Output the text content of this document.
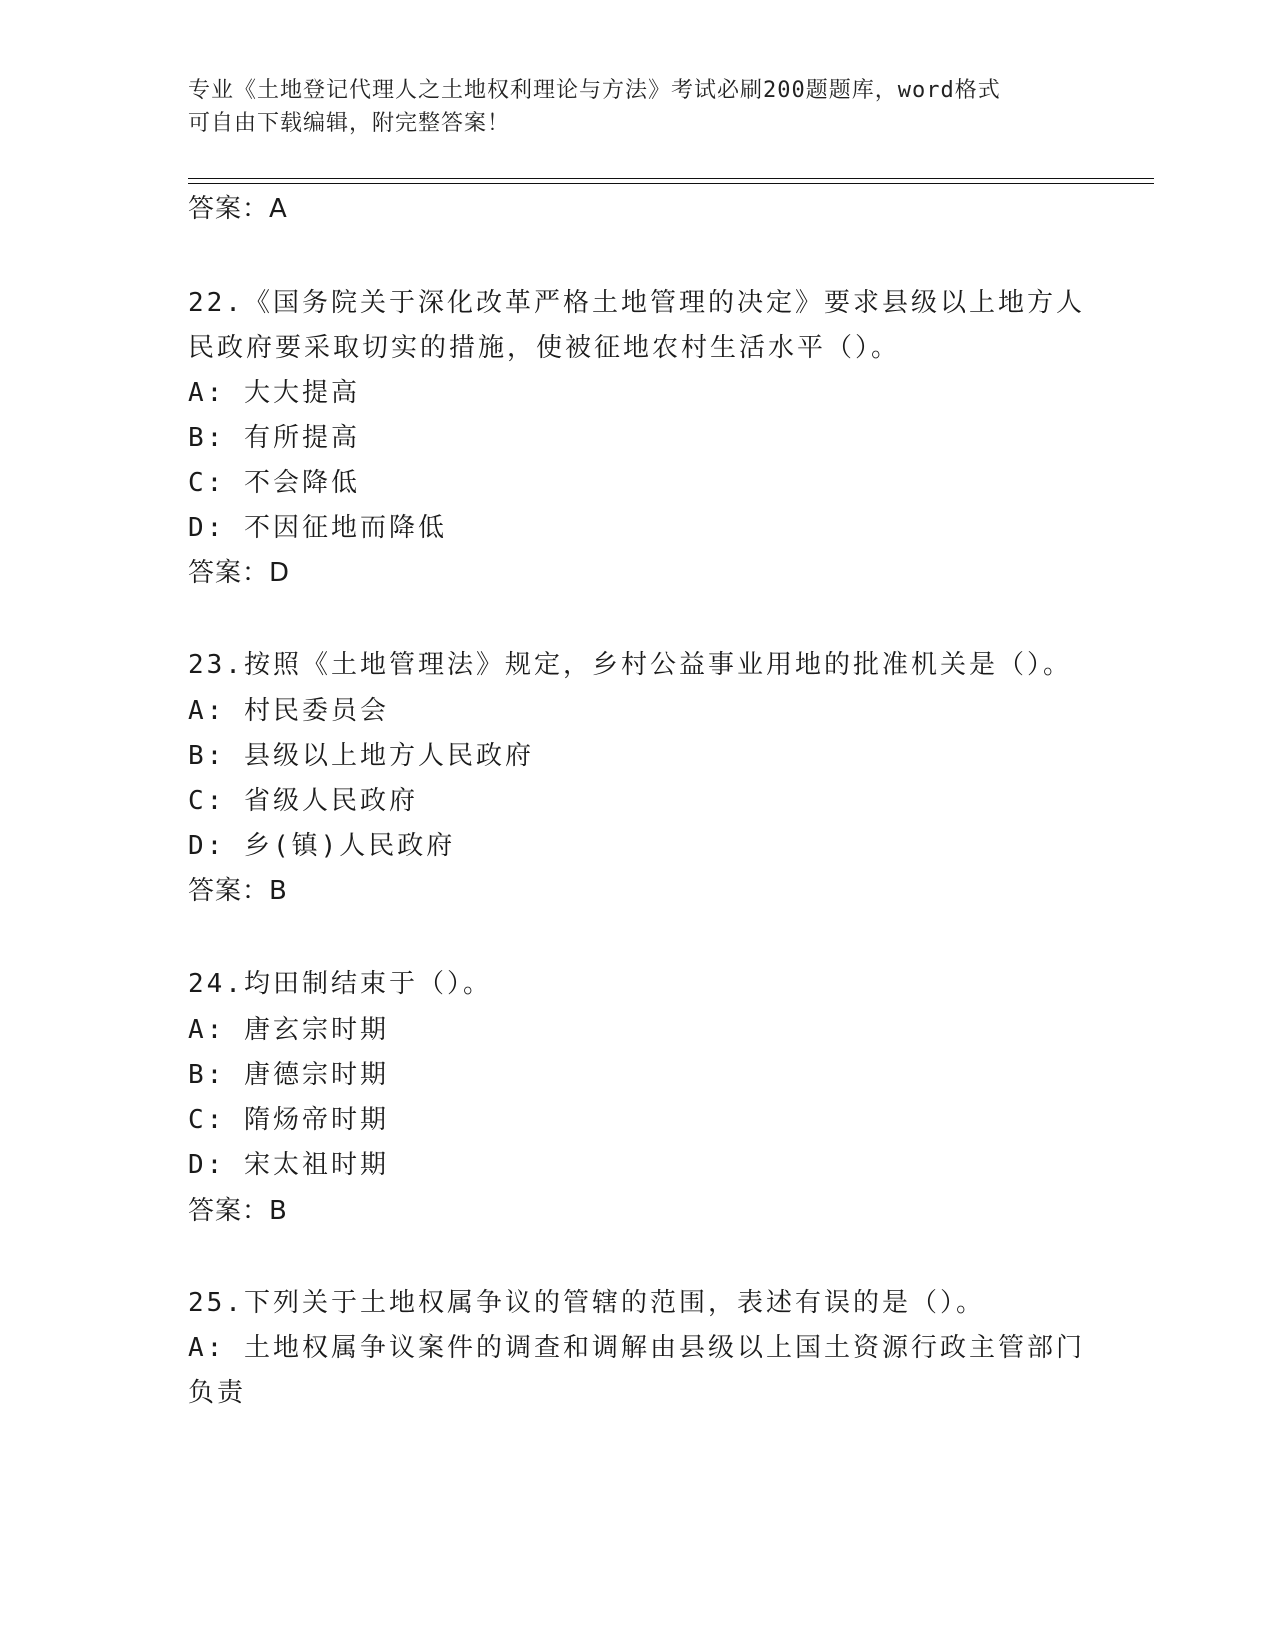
专业《土地登记代理人之土地权利理论与方法》考试必刷200题题库，word格式
可自由下载编辑，附完整答案！
答案：A
22.《国务院关于深化改革严格土地管理的决定》要求县级以上地方人
民政府要采取切实的措施，使被征地农村生活水平（）。
A: 大大提高
B: 有所提高
C: 不会降低
D: 不因征地而降低
答案：D
23.按照《土地管理法》规定，乡村公益事业用地的批准机关是（）。
A: 村民委员会
B: 县级以上地方人民政府
C: 省级人民政府
D: 乡(镇)人民政府
答案：B
24.均田制结束于（）。
A: 唐玄宗时期
B: 唐德宗时期
C: 隋炀帝时期
D: 宋太祖时期
答案：B
25.下列关于土地权属争议的管辖的范围，表述有误的是（）。
A: 土地权属争议案件的调查和调解由县级以上国土资源行政主管部门
负责
